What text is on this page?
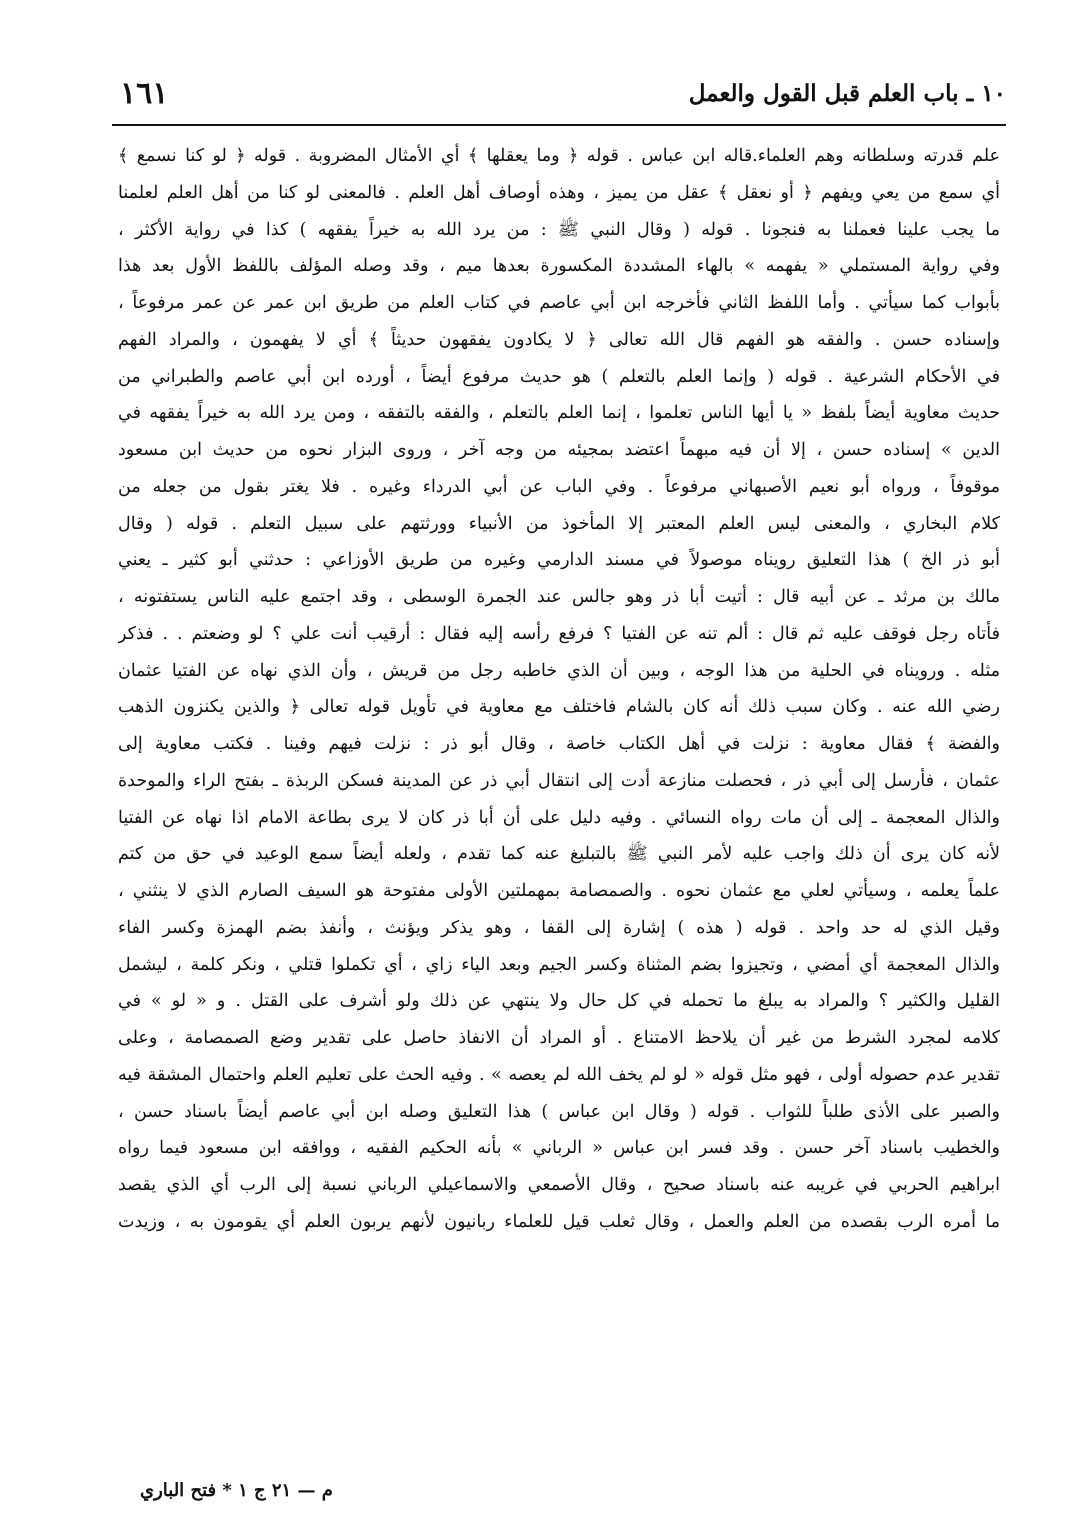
١٠ ـ باب العلم قبل القول والعمل
١٦١
علم قدرته وسلطانه وهم العلماء.قاله ابن عباس . قوله ﴿ وما يعقلها ﴾ أي الأمثال المضروبة . قوله ﴿ لو كنا نسمع ﴾
أي سمع من يعي ويفهم ﴿ أو نعقل ﴾ عقل من يميز ، وهذه أوصاف أهل العلم . فالمعنى لو كنا من أهل العلم لعلمنا
ما يجب علينا فعملنا به فنجونا . قوله ( وقال النبي ﷺ : من يرد الله به خيراً يفقهه ) كذا في رواية الأكثر ،
وفي رواية المستملي « يفهمه » بالهاء المشددة المكسورة بعدها ميم ، وقد وصله المؤلف باللفظ الأول بعد هذا
بأبواب كما سيأتي . وأما اللفظ الثاني فأخرجه ابن أبي عاصم في كتاب العلم من طريق ابن عمر عن عمر مرفوعاً ،
وإسناده حسن . والفقه هو الفهم قال الله تعالى ﴿ لا يكادون يفقهون حديثاً ﴾ أي لا يفهمون ، والمراد الفهم
في الأحكام الشرعية . قوله ( وإنما العلم بالتعلم ) هو حديث مرفوع أيضاً ، أورده ابن أبي عاصم والطبراني من
حديث معاوية أيضاً بلفظ « يا أيها الناس تعلموا ، إنما العلم بالتعلم ، والفقه بالتفقه ، ومن يرد الله به خيراً يفقهه في
الدين » إسناده حسن ، إلا أن فيه مبهماً اعتضد بمجيئه من وجه آخر ، وروى البزار نحوه من حديث ابن مسعود
موقوفاً ، ورواه أبو نعيم الأصبهاني مرفوعاً . وفي الباب عن أبي الدرداء وغيره . فلا يغتر بقول من جعله من
كلام البخاري ، والمعنى ليس العلم المعتبر إلا المأخوذ من الأنبياء وورثتهم على سبيل التعلم . قوله ( وقال
أبو ذر الخ ) هذا التعليق رويناه موصولاً في مسند الدارمي وغيره من طريق الأوزاعي : حدثني أبو كثير ـ يعني
مالك بن مرثد ـ عن أبيه قال : أتيت أبا ذر وهو جالس عند الجمرة الوسطى ، وقد اجتمع عليه الناس يستفتونه ،
فأتاه رجل فوقف عليه ثم قال : ألم تنه عن الفتيا ؟ فرفع رأسه إليه فقال : أرقيب أنت علي ؟ لو وضعتم . . فذكر
مثله . ورويناه في الحلية من هذا الوجه ، وبين أن الذي خاطبه رجل من قريش ، وأن الذي نهاه عن الفتيا عثمان
رضي الله عنه . وكان سبب ذلك أنه كان بالشام فاختلف مع معاوية في تأويل قوله تعالى ﴿ والذين يكنزون الذهب
والفضة ﴾ فقال معاوية : نزلت في أهل الكتاب خاصة ، وقال أبو ذر : نزلت فيهم وفينا . فكتب معاوية إلى
عثمان ، فأرسل إلى أبي ذر ، فحصلت منازعة أدت إلى انتقال أبي ذر عن المدينة فسكن الربذة ـ بفتح الراء والموحدة
والذال المعجمة ـ إلى أن مات رواه النسائي . وفيه دليل على أن أبا ذر كان لا يرى بطاعة الامام اذا نهاه عن الفتيا
لأنه كان يرى أن ذلك واجب عليه لأمر النبي ﷺ بالتبليغ عنه كما تقدم ، ولعله أيضاً سمع الوعيد في حق من كتم
علماً يعلمه ، وسيأتي لعلي مع عثمان نحوه . والصمصامة بمهملتين الأولى مفتوحة هو السيف الصارم الذي لا ينثني ،
وقيل الذي له حد واحد . قوله ( هذه ) إشارة إلى القفا ، وهو يذكر ويؤنث ، وأنفذ بضم الهمزة وكسر الفاء
والذال المعجمة أي أمضي ، وتجيزوا بضم المثناة وكسر الجيم وبعد الياء زاي ، أي تكملوا قتلي ، ونكر كلمة ، ليشمل
القليل والكثير ؟ والمراد به يبلغ ما تحمله في كل حال ولا ينتهي عن ذلك ولو أشرف على القتل . و « لو » في
كلامه لمجرد الشرط من غير أن يلاحظ الامتناع . أو المراد أن الانفاذ حاصل على تقدير وضع الصمصامة ، وعلى
تقدير عدم حصوله أولى ، فهو مثل قوله « لو لم يخف الله لم يعصه » . وفيه الحث على تعليم العلم واحتمال المشقة فيه
والصبر على الأذى طلباً للثواب . قوله ( وقال ابن عباس ) هذا التعليق وصله ابن أبي عاصم أيضاً باسناد حسن ،
والخطيب باسناد آخر حسن . وقد فسر ابن عباس « الرباني » بأنه الحكيم الفقيه ، ووافقه ابن مسعود فيما رواه
ابراهيم الحربي في غريبه عنه باسناد صحيح ، وقال الأصمعي والاسماعيلي الرباني نسبة إلى الرب أي الذي يقصد
ما أمره الرب بقصده من العلم والعمل ، وقال ثعلب قيل للعلماء ربانيون لأنهم يربون العلم أي يقومون به ، وزيدت
م — ٢١ ج ١ * فتح الباري
